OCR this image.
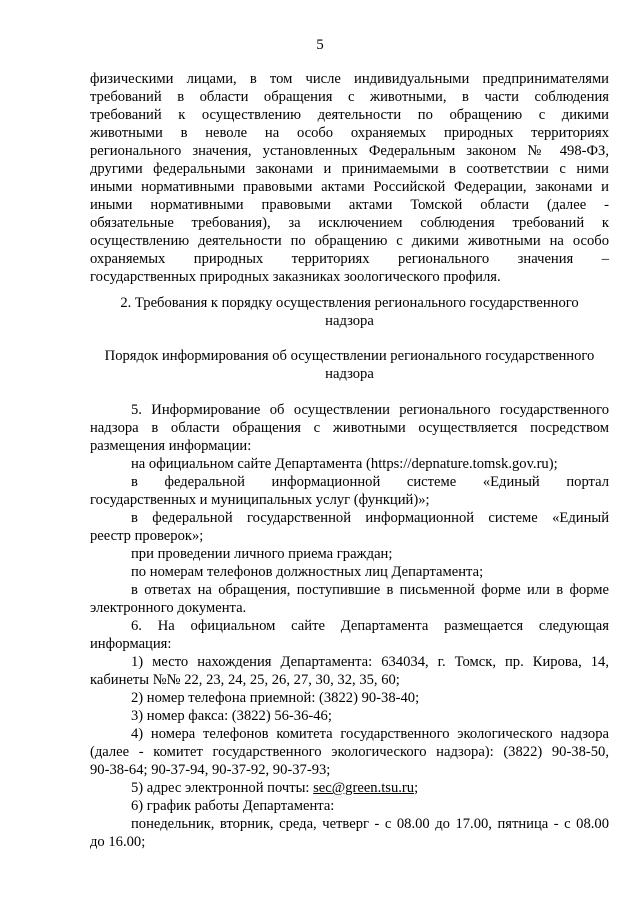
5
физическими лицами, в том числе индивидуальными предпринимателями
требований в области обращения с животными, в части соблюдения
требований к осуществлению деятельности по обращению с дикими
животными в неволе на особо охраняемых природных территориях
регионального значения, установленных Федеральным законом № 498-ФЗ,
другими федеральными законами и принимаемыми в соответствии с ними
иными нормативными правовыми актами Российской Федерации, законами и
иными нормативными правовыми актами Томской области (далее -
обязательные требования), за исключением соблюдения требований к
осуществлению деятельности по обращению с дикими животными на особо
охраняемых природных территориях регионального значения –
государственных природных заказниках зоологического профиля.
2. Требования к порядку осуществления регионального государственного
надзора
Порядок информирования об осуществлении регионального государственного
надзора
5. Информирование об осуществлении регионального государственного
надзора в области обращения с животными осуществляется посредством
размещения информации:
на официальном сайте Департамента (https://depnature.tomsk.gov.ru);
в федеральной информационной системе «Единый портал
государственных и муниципальных услуг (функций)»;
в федеральной государственной информационной системе «Единый
реестр проверок»;
при проведении личного приема граждан;
по номерам телефонов должностных лиц Департамента;
в ответах на обращения, поступившие в письменной форме или в форме
электронного документа.
6. На официальном сайте Департамента размещается следующая
информация:
1) место нахождения Департамента: 634034, г. Томск, пр. Кирова, 14,
кабинеты №№ 22, 23, 24, 25, 26, 27, 30, 32, 35, 60;
2) номер телефона приемной: (3822) 90-38-40;
3) номер факса: (3822) 56-36-46;
4) номера телефонов комитета государственного экологического надзора
(далее - комитет государственного экологического надзора): (3822) 90-38-50,
90-38-64; 90-37-94, 90-37-92, 90-37-93;
5) адрес электронной почты: sec@green.tsu.ru;
6) график работы Департамента:
понедельник, вторник, среда, четверг - с 08.00 до 17.00, пятница - с 08.00
до 16.00;
